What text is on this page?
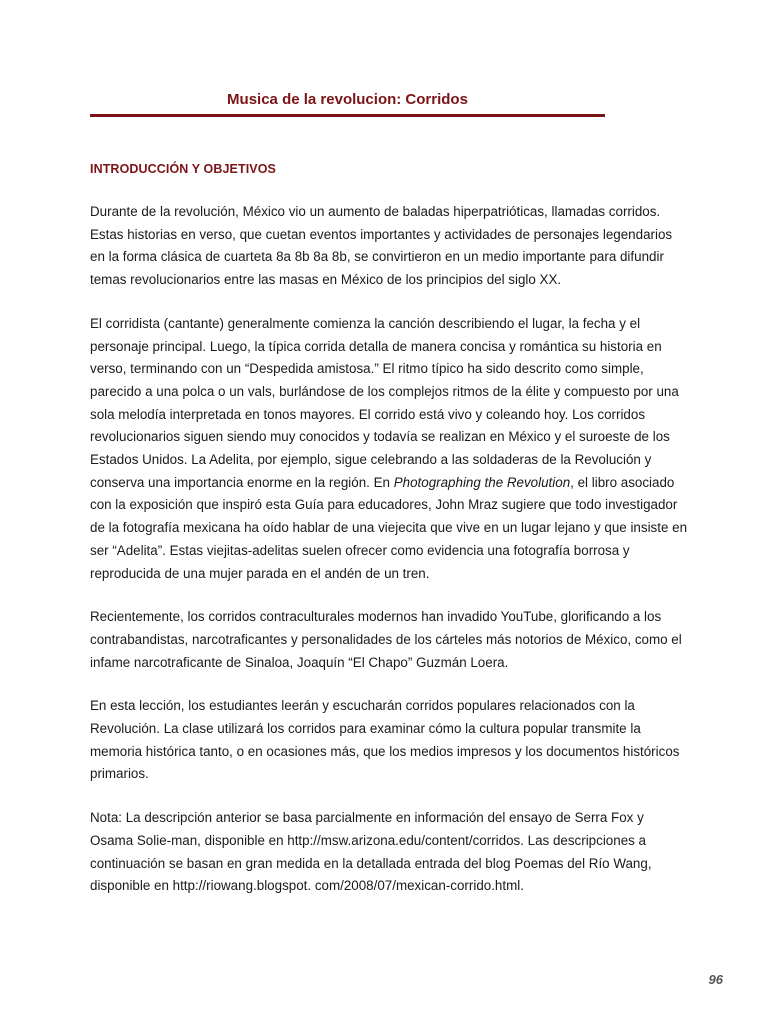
Musica de la revolucion: Corridos
INTRODUCCIÓN Y OBJETIVOS

Durante de la revolución, México vio un aumento de baladas hiperpatrióticas, llamadas corridos. Estas historias en verso, que cuetan eventos importantes y actividades de personajes legendarios en la forma clásica de cuarteta 8a 8b 8a 8b, se convirtieron en un medio importante para difundir temas revolucionarios entre las masas en México de los principios del siglo XX.

El corridista (cantante) generalmente comienza la canción describiendo el lugar, la fecha y el personaje principal. Luego, la típica corrida detalla de manera concisa y romántica su historia en verso, terminando con un “Despedida amistosa.” El ritmo típico ha sido descrito como simple, parecido a una polca o un vals, burlándose de los complejos ritmos de la élite y compuesto por una sola melodía interpretada en tonos mayores. El corrido está vivo y coleando hoy. Los corridos revolucionarios siguen siendo muy conocidos y todavía se realizan en México y el suroeste de los Estados Unidos. La Adelita, por ejemplo, sigue celebrando a las soldaderas de la Revolución y conserva una importancia enorme en la región. En Photographing the Revolution, el libro asociado con la exposición que inspiró esta Guía para educadores, John Mraz sugiere que todo investigador de la fotografía mexicana ha oído hablar de una viejecita que vive en un lugar lejano y que insiste en ser “Adelita”. Estas viejitas-adelitas suelen ofrecer como evidencia una fotografía borrosa y reproducida de una mujer parada en el andén de un tren.

Recientemente, los corridos contraculturales modernos han invadido YouTube, glorificando a los contrabandistas, narcotraficantes y personalidades de los cárteles más notorios de México, como el infame narcotraficante de Sinaloa, Joaquín “El Chapo” Guzmán Loera.

En esta lección, los estudiantes leerán y escucharán corridos populares relacionados con la Revolución. La clase utilizará los corridos para examinar cómo la cultura popular transmite la memoria histórica tanto, o en ocasiones más, que los medios impresos y los documentos históricos primarios.

Nota: La descripción anterior se basa parcialmente en información del ensayo de Serra Fox y Osama Solie-man, disponible en http://msw.arizona.edu/content/corridos. Las descripciones a continuación se basan en gran medida en la detallada entrada del blog Poemas del Río Wang, disponible en http://riowang.blogspot. com/2008/07/mexican-corrido.html.

96
